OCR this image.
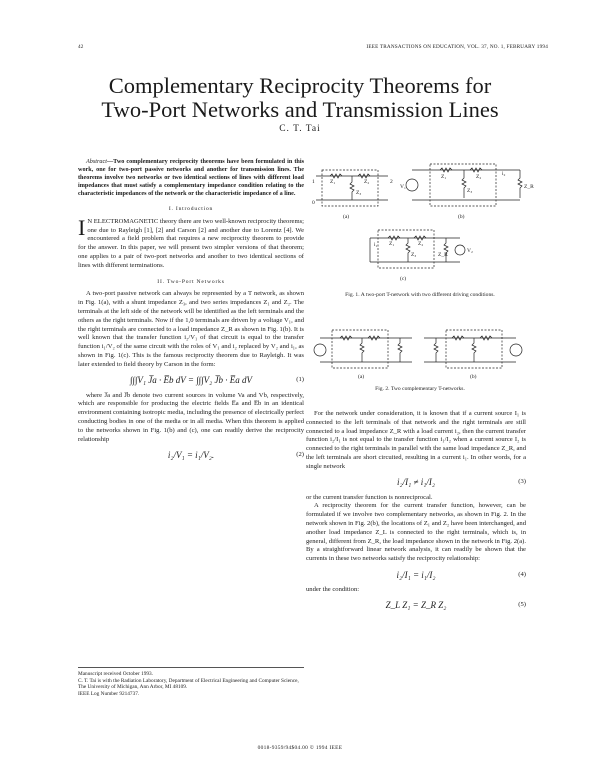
42	IEEE TRANSACTIONS ON EDUCATION, VOL. 37, NO. 1, FEBRUARY 1994
Complementary Reciprocity Theorems for
Two-Port Networks and Transmission Lines
C. T. Tai

Abstract—Two complementary reciprocity theorems have been formulated in this work, one for two-port passive networks and another for transmission lines. The theorems involve two networks or two identical sections of lines with different load impedances that must satisfy a complementary impedance condition relating to the characteristic impedances of the network or the characteristic impedance of a line.

I. Introduction

I N ELECTROMAGNETIC theory there are two well-known reciprocity theorems; one due to Rayleigh [1], [2] and Carson [2] and another due to Lorentz [4]. We encountered a field problem that requires a new reciprocity theorem to provide for the answer. In this paper, we will present two simpler versions of that theorem; one applies to a pair of two-port networks and another to two identical sections of lines with different terminations.

II. Two-Port Networks

A two-port passive network can always be represented by a T network, as shown in Fig. 1(a), with a shunt impedance Z₃, and two series impedances Z₁ and Z₂. The terminals at the left side of the network will be identified as the left terminals and the others as the right terminals. Now if the 1,0 terminals are driven by a voltage V₁, and the right terminals are connected to a load impedance Z_R as shown in Fig. 1(b). It is well known that the transfer function i₂/V₁ of that circuit is equal to the transfer function i₁/V₂ of the same circuit with the roles of V₁ and i₂ replaced by V₂ and i₁, as shown in Fig. 1(c). This is the famous reciprocity theorem due to Rayleigh. It was later extended to field theory by Carson in the form:

∫∫∫V₁ J̅a · E̅b dV = ∫∫∫V₂ J̅b · E̅a dV	(1)

where J̅a and J̅b denote two current sources in volume Va and Vb, respectively, which are responsible for producing the electric fields E̅a and E̅b in an identical environment containing isotropic media, including the presence of electrically perfect conducting bodies in one of the media or in all media. When this theorem is applied to the networks shown in Fig. 1(b) and (c), one can readily derive the reciprocity relationship

i₂/V₁ = i₁/V₂.	(2)
Manuscript received October 1993.
C. T. Tai is with the Radiation Laboratory, Department of Electrical Engineering and Computer Science, The University of Michigan, Ann Arbor, MI 48109.
IEEE Log Number 9214737.
1
0
Z₁	Z₂
Z₃
2
(a)
V₁
Z₁	Z₂
Z₃
i₂
Z_R
(b)
i₁ Z₁	Z₂
Z₃	Z_R
V₂
(c)
(a)	(b)
Fig. 1. A two-port T-network with two different driving conditions.
Fig. 2. Two complementary T-networks.

For the network under consideration, it is known that if a current source I₁ is connected to the left terminals of that network and the right terminals are still connected to a load impedance Z_R with a load current i₂, then the current transfer function i₂/I₁ is not equal to the transfer function i₁/I₂ when a current source I₂ is connected to the right terminals in parallel with the same load impedance Z_R, and the left terminals are short circuited, resulting in a current i₁. In other words, for a single network

i₂/I₁ ≠ i₁/I₂	(3)

or the current transfer function is nonreciprocal.

A reciprocity theorem for the current transfer function, however, can be formulated if we involve two complementary networks, as shown in Fig. 2. In the network shown in Fig. 2(b), the locations of Z₁ and Z₂ have been interchanged, and another load impedance Z_L is connected to the right terminals, which is, in general, different from Z_R, the load impedance shown in the network in Fig. 2(a). By a straightforward linear network analysis, it can readily be shown that the currents in these two networks satisfy the reciprocity relationship:

i₂/I₁ = i₁/I₂	(4)

under the condition:

Z_L Z₁ = Z_R Z₂	(5)
0018-9359/94$04.00 © 1994 IEEE
